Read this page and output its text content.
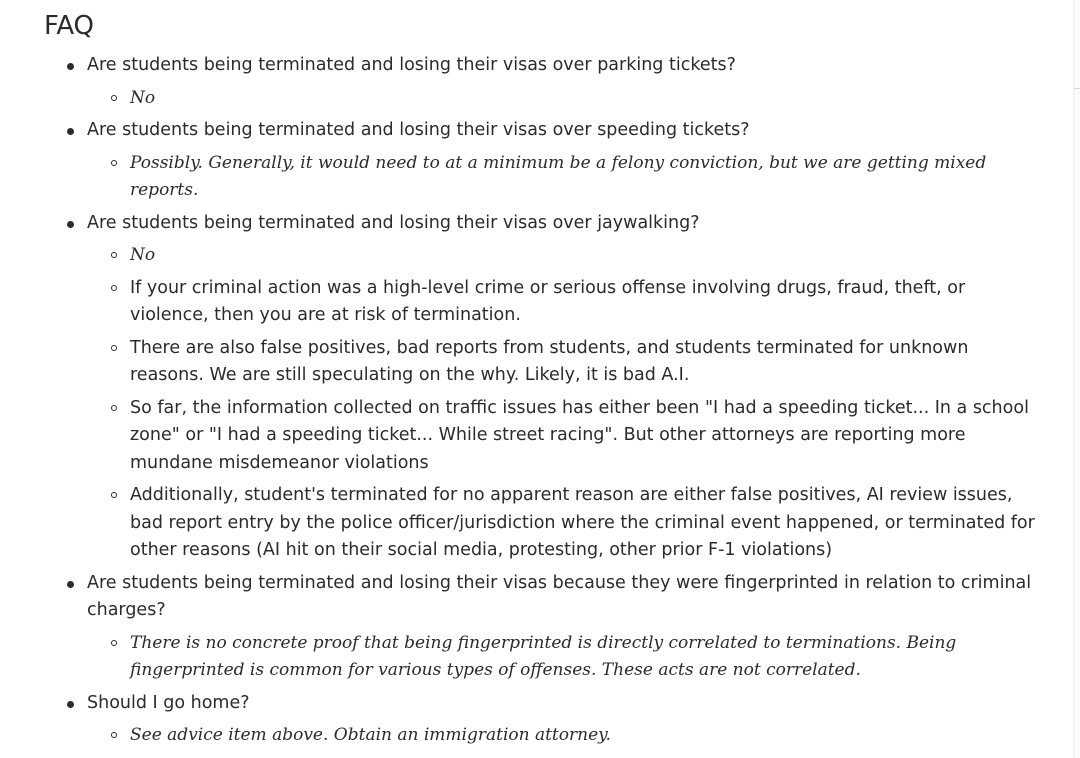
FAQ
Are students being terminated and losing their visas over parking tickets?
No
Are students being terminated and losing their visas over speeding tickets?
Possibly. Generally, it would need to at a minimum be a felony conviction, but we are getting mixed reports.
Are students being terminated and losing their visas over jaywalking?
No
If your criminal action was a high-level crime or serious offense involving drugs, fraud, theft, or violence, then you are at risk of termination.
There are also false positives, bad reports from students, and students terminated for unknown reasons. We are still speculating on the why. Likely, it is bad A.I.
So far, the information collected on traffic issues has either been "I had a speeding ticket... In a school zone" or "I had a speeding ticket... While street racing". But other attorneys are reporting more mundane misdemeanor violations
Additionally, student's terminated for no apparent reason are either false positives, AI review issues, bad report entry by the police officer/jurisdiction where the criminal event happened, or terminated for other reasons (AI hit on their social media, protesting, other prior F-1 violations)
Are students being terminated and losing their visas because they were fingerprinted in relation to criminal charges?
There is no concrete proof that being fingerprinted is directly correlated to terminations. Being fingerprinted is common for various types of offenses. These acts are not correlated.
Should I go home?
See advice item above. Obtain an immigration attorney.
